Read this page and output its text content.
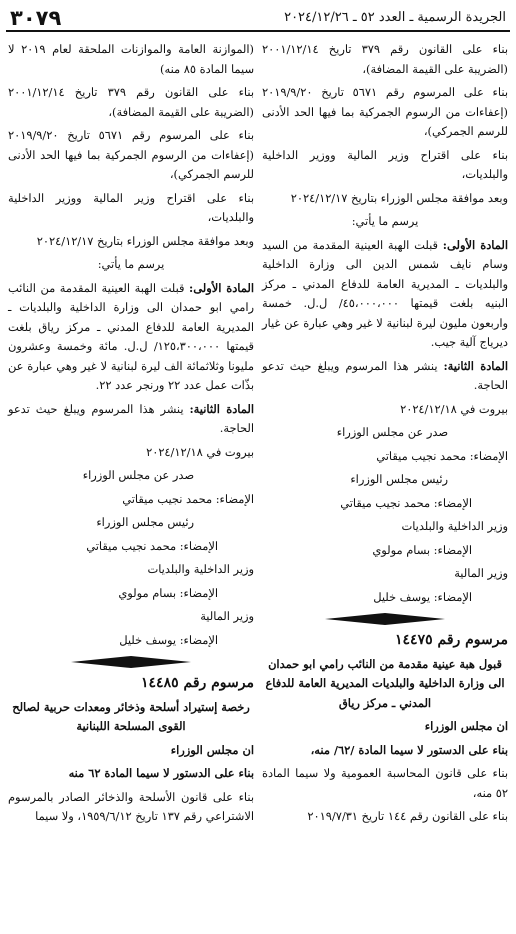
الجريدة الرسمية ـ العدد ٥٢ ـ ٢٠٢٤/١٢/٢٦
٣٠٧٩

بناء على القانون رقم ٣٧٩ تاريخ ٢٠٠١/١٢/١٤ (الضريبة على القيمة المضافة)،

بناء على المرسوم رقم ٥٦٧١ تاريخ ٢٠١٩/٩/٢٠ (إعفاءات من الرسوم الجمركية بما فيها الحد الأدنى للرسم الجمركي)،

بناء على اقتراح وزير المالية ووزير الداخلية والبلديات،

وبعد موافقة مجلس الوزراء بتاريخ ٢٠٢٤/١٢/١٧

يرسم ما يأتي:

المادة الأولى: قبلت الهبة العينية المقدمة من السيد وسام نايف شمس الدين الى وزارة الداخلية والبلديات ـ المديرية العامة للدفاع المدني ـ مركز البنيه بلغت قيمتها ٤٥،٠٠٠،٠٠٠/ ل.ل. خمسة واربعون مليون ليرة لبنانية لا غير وهي عبارة عن غيار ديرياج آلية جيب.

المادة الثانية: ينشر هذا المرسوم ويبلغ حيث تدعو الحاجة.

بيروت في ٢٠٢٤/١٢/١٨

صدر عن مجلس الوزراء

الإمضاء: محمد نجيب ميقاتي

رئيس مجلس الوزراء

الإمضاء: محمد نجيب ميقاتي

وزير الداخلية والبلديات

الإمضاء: بسام مولوي

وزير المالية

الإمضاء: يوسف خليل

مرسوم رقم ١٤٤٧٥

قبول هبة عينية مقدمة من النائب رامي ابو حمدان الى وزارة الداخلية والبلديات المديرية العامة للدفاع المدني ـ مركز رياق

ان مجلس الوزراء

بناء على الدستور لا سيما المادة /٦٢/ منه،

بناء على قانون المحاسبة العمومية ولا سيما المادة ٥٢ منه،

بناء على القانون رقم ١٤٤ تاريخ ٢٠١٩/٧/٣١

(الموازنة العامة والموازنات الملحقة لعام ٢٠١٩ لا سيما المادة ٨٥ منه)

بناء على القانون رقم ٣٧٩ تاريخ ٢٠٠١/١٢/١٤ (الضريبة على القيمة المضافة)،

بناء على المرسوم رقم ٥٦٧١ تاريخ ٢٠١٩/٩/٢٠ (إعفاءات من الرسوم الجمركية بما فيها الحد الأدنى للرسم الجمركي)،

بناء على اقتراح وزير المالية ووزير الداخلية والبلديات،

وبعد موافقة مجلس الوزراء بتاريخ ٢٠٢٤/١٢/١٧

يرسم ما يأتي:

المادة الأولى: قبلت الهبة العينية المقدمة من النائب رامي ابو حمدان الى وزارة الداخلية والبلديات ـ المديرية العامة للدفاع المدني ـ مركز رياق بلغت قيمتها ١٢٥،٣٠٠،٠٠٠/ ل.ل. مائة وخمسة وعشرون مليونا وثلاثمائة الف ليرة لبنانية لا غير وهي عبارة عن بذّات عمل عدد ٢٢ ورنجر عدد ٢٢.

المادة الثانية: ينشر هذا المرسوم ويبلغ حيث تدعو الحاجة.

بيروت في ٢٠٢٤/١٢/١٨

صدر عن مجلس الوزراء

الإمضاء: محمد نجيب ميقاتي

رئيس مجلس الوزراء

الإمضاء: محمد نجيب ميقاتي

وزير الداخلية والبلديات

الإمضاء: بسام مولوي

وزير المالية

الإمضاء: يوسف خليل

مرسوم رقم ١٤٤٨٥

رخصة إستيراد أسلحة وذخائر ومعدات حربية لصالح القوى المسلحة اللبنانية

ان مجلس الوزراء

بناء على الدستور لا سيما المادة ٦٢ منه

بناء على قانون الأسلحة والذخائر الصادر بالمرسوم الاشتراعي رقم ١٣٧ تاريخ ١٩٥٩/٦/١٢، ولا سيما
